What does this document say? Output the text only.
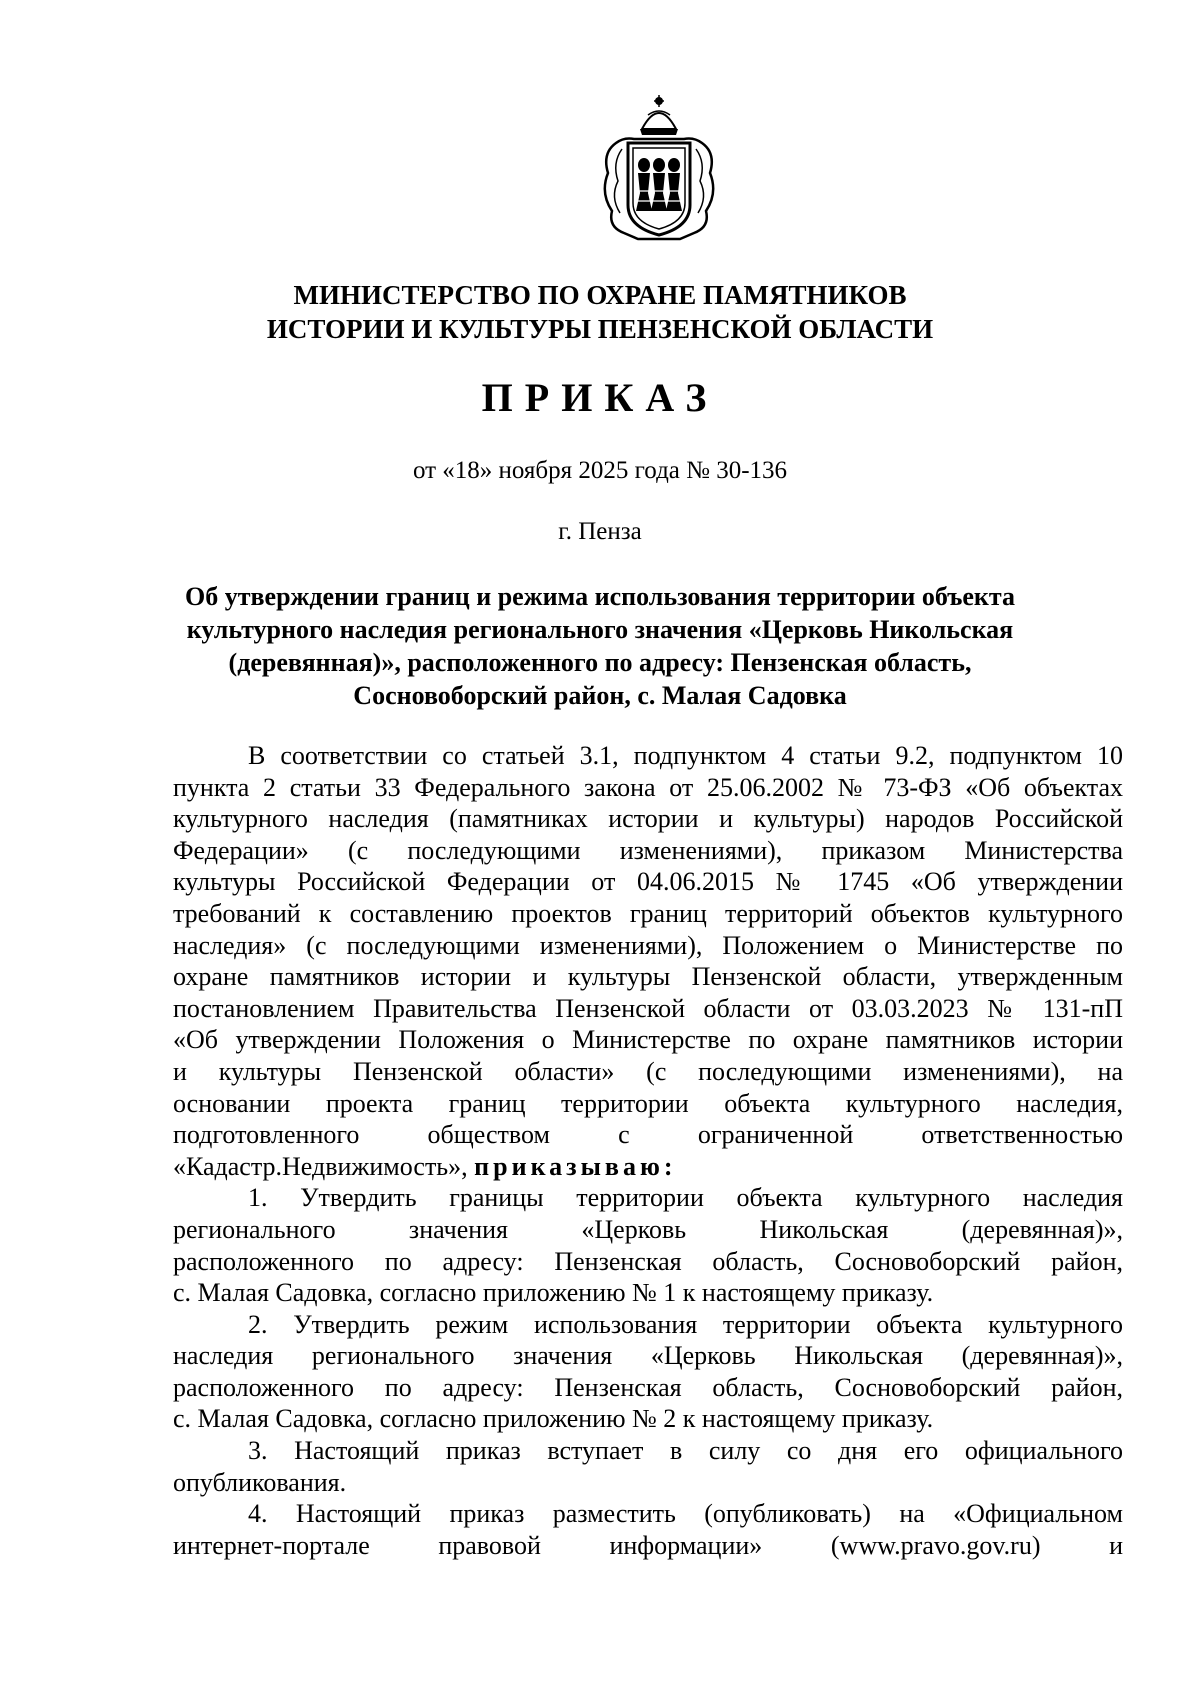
МИНИСТЕРСТВО ПО ОХРАНЕ ПАМЯТНИКОВ
ИСТОРИИ И КУЛЬТУРЫ ПЕНЗЕНСКОЙ ОБЛАСТИ
ПРИКАЗ
от «18» ноября 2025 года № 30-136
г. Пенза
Об утверждении границ и режима использования территории объекта
культурного наследия регионального значения «Церковь Никольская
(деревянная)», расположенного по адресу: Пензенская область,
Сосновоборский район, с. Малая Садовка
В соответствии со статьей 3.1, подпунктом 4 статьи 9.2, подпунктом 10
пункта 2 статьи 33 Федерального закона от 25.06.2002 № 73-ФЗ «Об объектах
культурного наследия (памятниках истории и культуры) народов Российской
Федерации» (с последующими изменениями), приказом Министерства
культуры Российской Федерации от 04.06.2015 № 1745 «Об утверждении
требований к составлению проектов границ территорий объектов культурного
наследия» (с последующими изменениями), Положением о Министерстве по
охране памятников истории и культуры Пензенской области, утвержденным
постановлением Правительства Пензенской области от 03.03.2023 № 131-пП
«Об утверждении Положения о Министерстве по охране памятников истории
и культуры Пензенской области» (с последующими изменениями), на
основании проекта границ территории объекта культурного наследия,
подготовленного обществом с ограниченной ответственностью
«Кадастр.Недвижимость», приказываю:
1. Утвердить границы территории объекта культурного наследия
регионального значения «Церковь Никольская (деревянная)»,
расположенного по адресу: Пензенская область, Сосновоборский район,
с. Малая Садовка, согласно приложению № 1 к настоящему приказу.
2. Утвердить режим использования территории объекта культурного
наследия регионального значения «Церковь Никольская (деревянная)»,
расположенного по адресу: Пензенская область, Сосновоборский район,
с. Малая Садовка, согласно приложению № 2 к настоящему приказу.
3. Настоящий приказ вступает в силу со дня его официального
опубликования.
4. Настоящий приказ разместить (опубликовать) на «Официальном
интернет-портале правовой информации» (www.pravo.gov.ru) и
